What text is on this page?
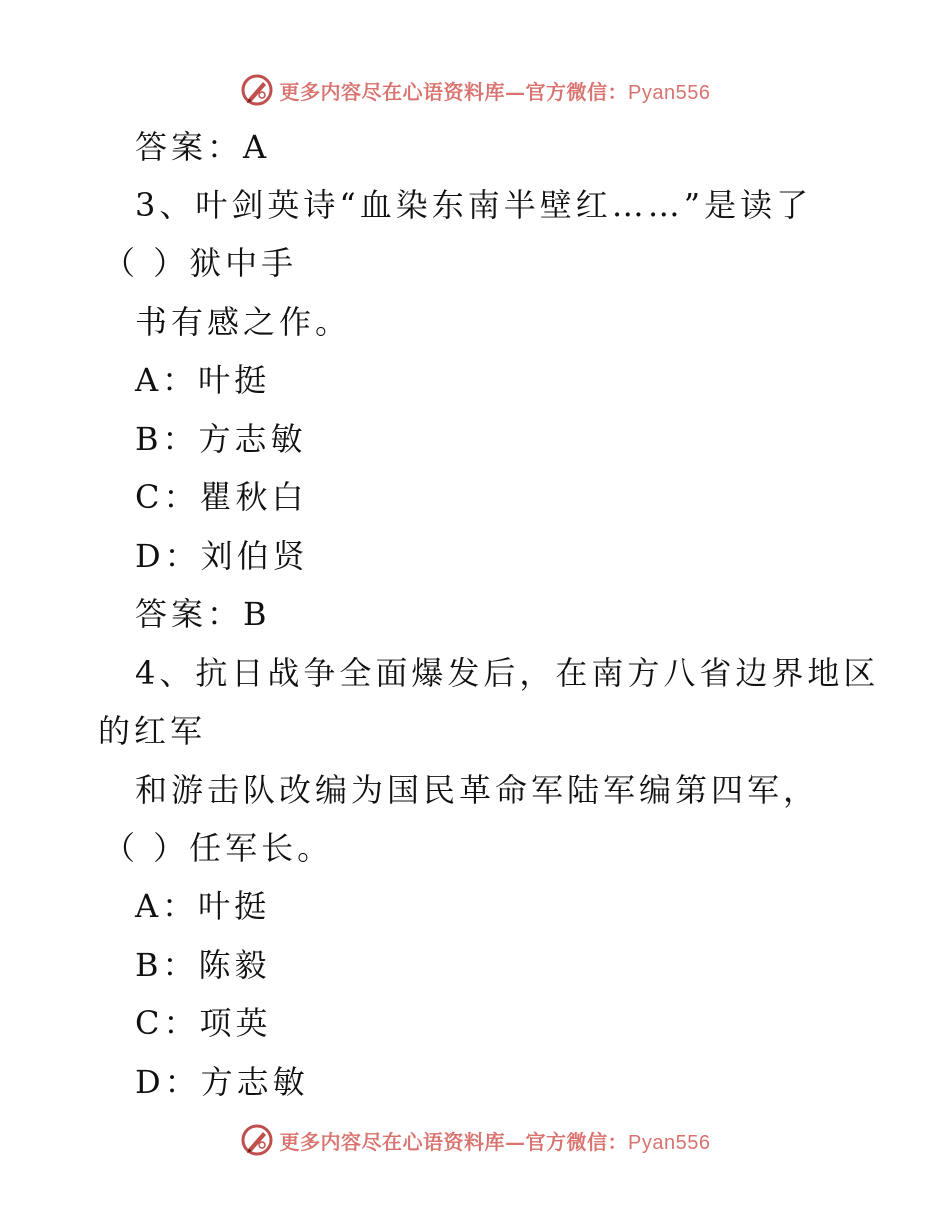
更多内容尽在心语资料库—官方微信：Pyan556
答案：A
3、叶剑英诗“血染东南半壁红……”是读了
（ ）狱中手
书有感之作。
A：叶挺
B：方志敏
C：瞿秋白
D：刘伯贤
答案：B
4、抗日战争全面爆发后，在南方八省边界地区
的红军
和游击队改编为国民革命军陆军编第四军，
（ ）任军长。
A：叶挺
B：陈毅
C：项英
D：方志敏
更多内容尽在心语资料库—官方微信：Pyan556
